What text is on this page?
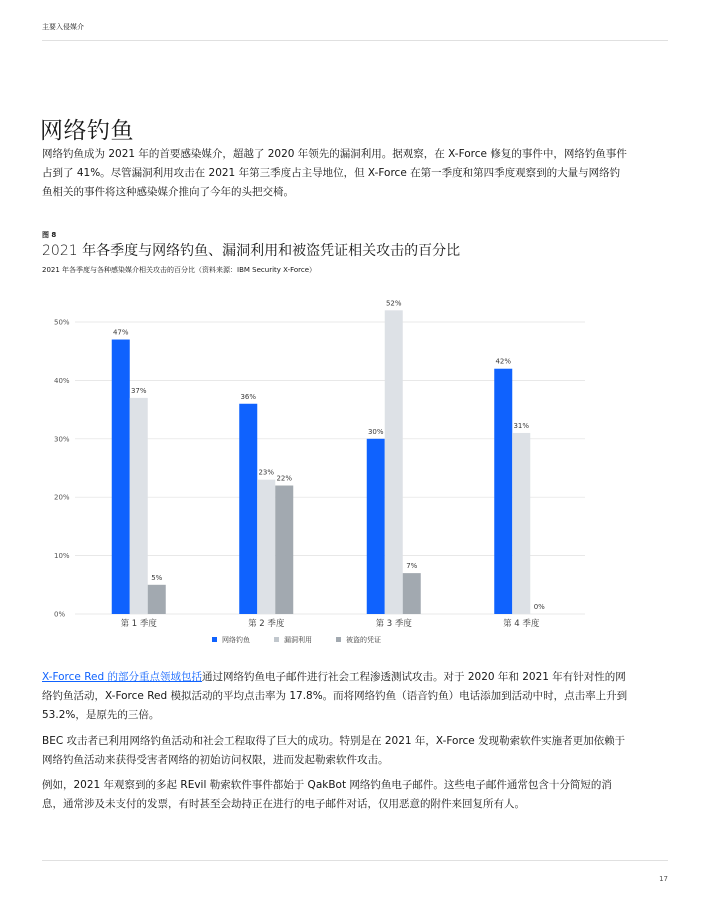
主要入侵媒介
网络钓鱼
网络钓鱼成为 2021 年的首要感染媒介，超越了 2020 年领先的漏洞利用。据观察，在 X-Force 修复的事件中，网络钓鱼事件占到了 41%。尽管漏洞利用攻击在 2021 年第三季度占主导地位，但 X-Force 在第一季度和第四季度观察到的大量与网络钓鱼相关的事件将这种感染媒介推向了今年的头把交椅。
图 8
2021 年各季度与网络钓鱼、漏洞利用和被盗凭证相关攻击的百分比
2021 年各季度与各种感染媒介相关攻击的百分比（资料来源：IBM Security X-Force）
0%
10%
20%
30%
40%
50%
47%
37%
5%
36%
23%
22%
30%
52%
7%
42%
31%
0%
第 1 季度	第 2 季度	第 3 季度	第 4 季度
网络钓鱼	漏洞利用	被盗的凭证
X-Force Red 的部分重点领域包括通过网络钓鱼电子邮件进行社会工程渗透测试攻击。对于 2020 年和 2021 年有针对性的网络钓鱼活动，X-Force Red 模拟活动的平均点击率为 17.8%。而将网络钓鱼（语音钓鱼）电话添加到活动中时，点击率上升到 53.2%，是原先的三倍。
BEC 攻击者已利用网络钓鱼活动和社会工程取得了巨大的成功。特别是在 2021 年，X-Force 发现勒索软件实施者更加依赖于网络钓鱼活动来获得受害者网络的初始访问权限，进而发起勒索软件攻击。
例如，2021 年观察到的多起 REvil 勒索软件事件都始于 QakBot 网络钓鱼电子邮件。这些电子邮件通常包含十分简短的消息，通常涉及未支付的发票，有时甚至会劫持正在进行的电子邮件对话，仅用恶意的附件来回复所有人。
17
